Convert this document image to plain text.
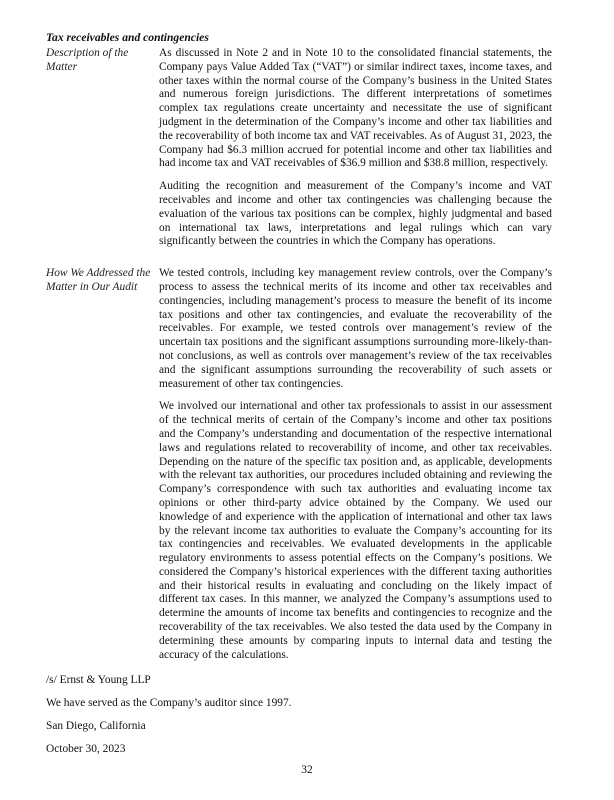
Tax receivables and contingencies
Description of the Matter

As discussed in Note 2 and in Note 10 to the consolidated financial statements, the Company pays Value Added Tax (“VAT”) or similar indirect taxes, income taxes, and other taxes within the normal course of the Company’s business in the United States and numerous foreign jurisdictions. The different interpretations of sometimes complex tax regulations create uncertainty and necessitate the use of significant judgment in the determination of the Company’s income and other tax liabilities and the recoverability of both income tax and VAT receivables. As of August 31, 2023, the Company had $6.3 million accrued for potential income and other tax liabilities and had income tax and VAT receivables of $36.9 million and $38.8 million, respectively.

Auditing the recognition and measurement of the Company’s income and VAT receivables and income and other tax contingencies was challenging because the evaluation of the various tax positions can be complex, highly judgmental and based on international tax laws, interpretations and legal rulings which can vary significantly between the countries in which the Company has operations.

How We Addressed the
Matter in Our Audit

We tested controls, including key management review controls, over the Company’s process to assess the technical merits of its income and other tax receivables and contingencies, including management’s process to measure the benefit of its income tax positions and other tax contingencies, and evaluate the recoverability of the receivables. For example, we tested controls over management’s review of the uncertain tax positions and the significant assumptions surrounding more-likely-than-not conclusions, as well as controls over management’s review of the tax receivables and the significant assumptions surrounding the recoverability of such assets or measurement of other tax contingencies.

We involved our international and other tax professionals to assist in our assessment of the technical merits of certain of the Company’s income and other tax positions and the Company’s understanding and documentation of the respective international laws and regulations related to recoverability of income, and other tax receivables. Depending on the nature of the specific tax position and, as applicable, developments with the relevant tax authorities, our procedures included obtaining and reviewing the Company’s correspondence with such tax authorities and evaluating income tax opinions or other third-party advice obtained by the Company. We used our knowledge of and experience with the application of international and other tax laws by the relevant income tax authorities to evaluate the Company’s accounting for its tax contingencies and receivables. We evaluated developments in the applicable regulatory environments to assess potential effects on the Company’s positions. We considered the Company’s historical experiences with the different taxing authorities and their historical results in evaluating and concluding on the likely impact of different tax cases. In this manner, we analyzed the Company’s assumptions used to determine the amounts of income tax benefits and contingencies to recognize and the recoverability of the tax receivables. We also tested the data used by the Company in determining these amounts by comparing inputs to internal data and testing the accuracy of the calculations.

/s/ Ernst & Young LLP

We have served as the Company’s auditor since 1997.

San Diego, California

October 30, 2023

32
